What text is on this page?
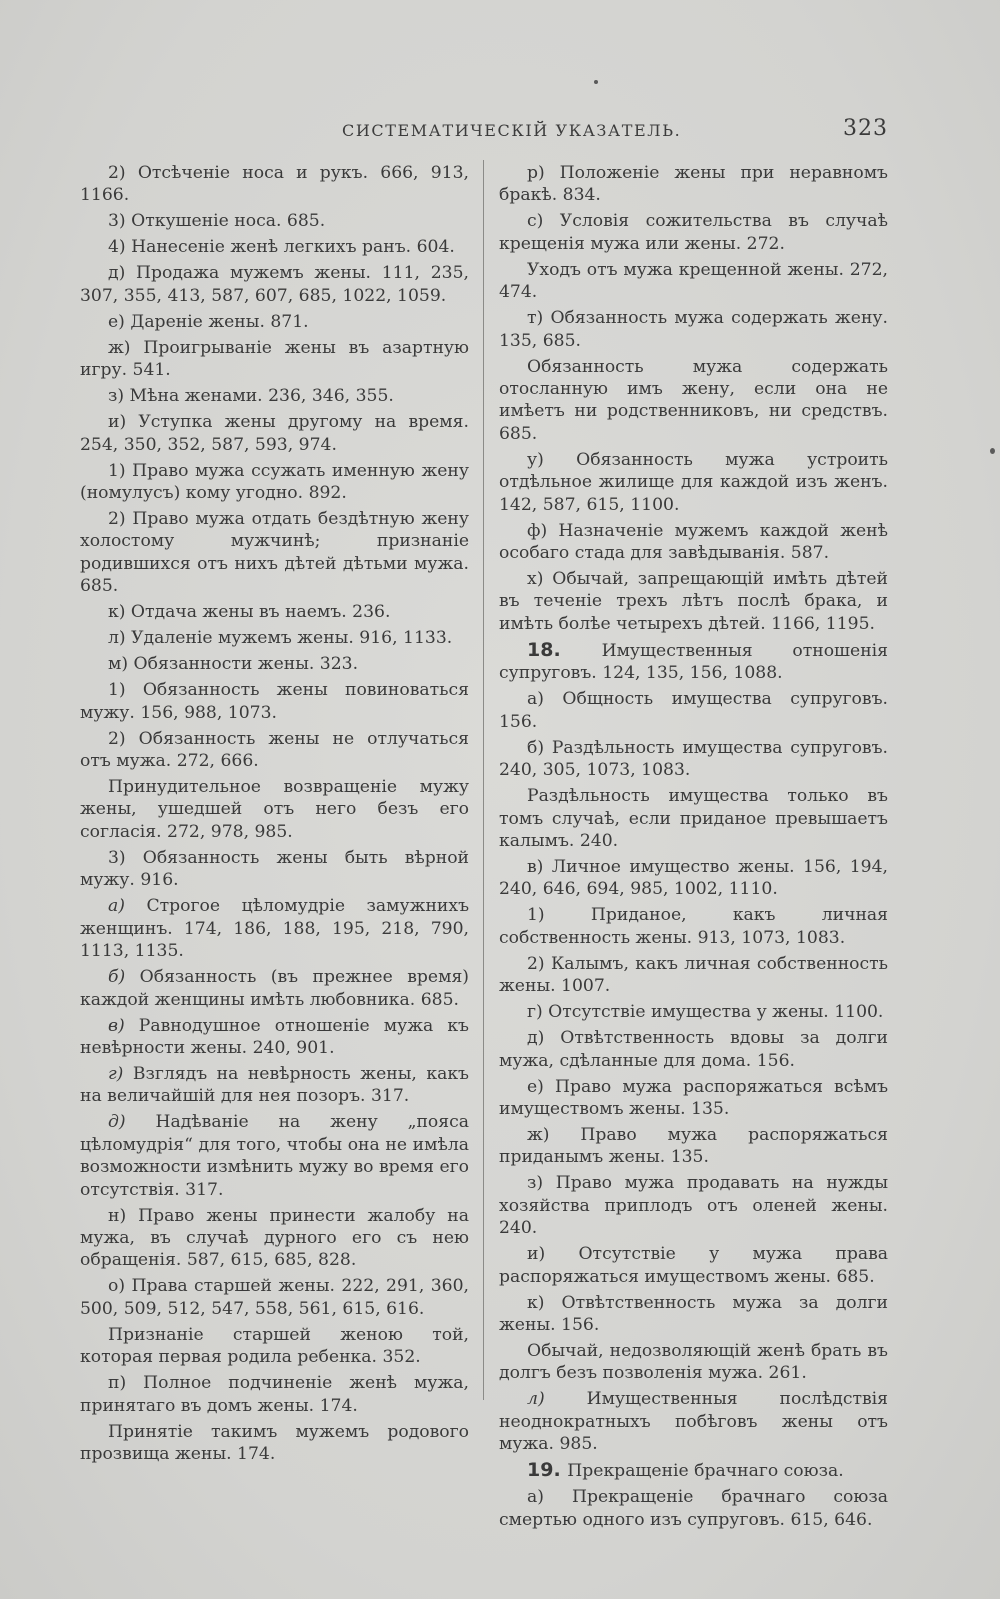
СИСТЕМАТИЧЕСКІЙ УКАЗАТЕЛЬ.	323

2) Отсѣченіе носа и рукъ. 666, 913, 1166.

3) Откушеніе носа. 685.

4) Нанесеніе женѣ легкихъ ранъ. 604.

д) Продажа мужемъ жены. 111, 235, 307, 355, 413, 587, 607, 685, 1022, 1059.

е) Дареніе жены. 871.

ж) Проигрываніе жены въ азартную игру. 541.

з) Мѣна женами. 236, 346, 355.

и) Уступка жены другому на время. 254, 350, 352, 587, 593, 974.

1) Право мужа ссужать именную жену (номулусъ) кому угодно. 892.

2) Право мужа отдать бездѣтную жену холостому мужчинѣ; признаніе родившихся отъ нихъ дѣтей дѣтьми мужа. 685.

к) Отдача жены въ наемъ. 236.

л) Удаленіе мужемъ жены. 916, 1133.

м) Обязанности жены. 323.

1) Обязанность жены повиноваться мужу. 156, 988, 1073.

2) Обязанность жены не отлучаться отъ мужа. 272, 666.

Принудительное возвращеніе мужу жены, ушедшей отъ него безъ его согласія. 272, 978, 985.

3) Обязанность жены быть вѣрной мужу. 916.

а) Строгое цѣломудріе замужнихъ женщинъ. 174, 186, 188, 195, 218, 790, 1113, 1135.

б) Обязанность (въ прежнее время) каждой женщины имѣть любовника. 685.

в) Равнодушное отношеніе мужа къ невѣрности жены. 240, 901.

г) Взглядъ на невѣрность жены, какъ на величайшій для нея позоръ. 317.

д) Надѣваніе на жену „пояса цѣломудрія“ для того, чтобы она не имѣла возможности измѣнить мужу во время его отсутствія. 317.

н) Право жены принести жалобу на мужа, въ случаѣ дурного его съ нею обращенія. 587, 615, 685, 828.

о) Права старшей жены. 222, 291, 360, 500, 509, 512, 547, 558, 561, 615, 616.

Признаніе старшей женою той, которая первая родила ребенка. 352.

п) Полное подчиненіе женѣ мужа, принятаго въ домъ жены. 174.

Принятіе такимъ мужемъ родового прозвища жены. 174.

р) Положеніе жены при неравномъ бракѣ. 834.

с) Условія сожительства въ случаѣ крещенія мужа или жены. 272.

Уходъ отъ мужа крещенной жены. 272, 474.

т) Обязанность мужа содержать жену. 135, 685.

Обязанность мужа содержать отосланную имъ жену, если она не имѣетъ ни родственниковъ, ни средствъ. 685.

у) Обязанность мужа устроить отдѣльное жилище для каждой изъ женъ. 142, 587, 615, 1100.

ф) Назначеніе мужемъ каждой женѣ особаго стада для завѣдыванія. 587.

х) Обычай, запрещающій имѣть дѣтей въ теченіе трехъ лѣтъ послѣ брака, и имѣть болѣе четырехъ дѣтей. 1166, 1195.

18. Имущественныя отношенія супруговъ. 124, 135, 156, 1088.

а) Общность имущества супруговъ. 156.

б) Раздѣльность имущества супруговъ. 240, 305, 1073, 1083.

Раздѣльность имущества только въ томъ случаѣ, если приданое превышаетъ калымъ. 240.

в) Личное имущество жены. 156, 194, 240, 646, 694, 985, 1002, 1110.

1) Приданое, какъ личная собственность жены. 913, 1073, 1083.

2) Калымъ, какъ личная собственность жены. 1007.

г) Отсутствіе имущества у жены. 1100.

д) Отвѣтственность вдовы за долги мужа, сдѣланные для дома. 156.

е) Право мужа распоряжаться всѣмъ имуществомъ жены. 135.

ж) Право мужа распоряжаться приданымъ жены. 135.

з) Право мужа продавать на нужды хозяйства приплодъ отъ оленей жены. 240.

и) Отсутствіе у мужа права распоряжаться имуществомъ жены. 685.

к) Отвѣтственность мужа за долги жены. 156.

Обычай, недозволяющій женѣ брать въ долгъ безъ позволенія мужа. 261.

л) Имущественныя послѣдствія неоднократныхъ побѣговъ жены отъ мужа. 985.

19. Прекращеніе брачнаго союза.

а) Прекращеніе брачнаго союза смертью одного изъ супруговъ. 615, 646.
